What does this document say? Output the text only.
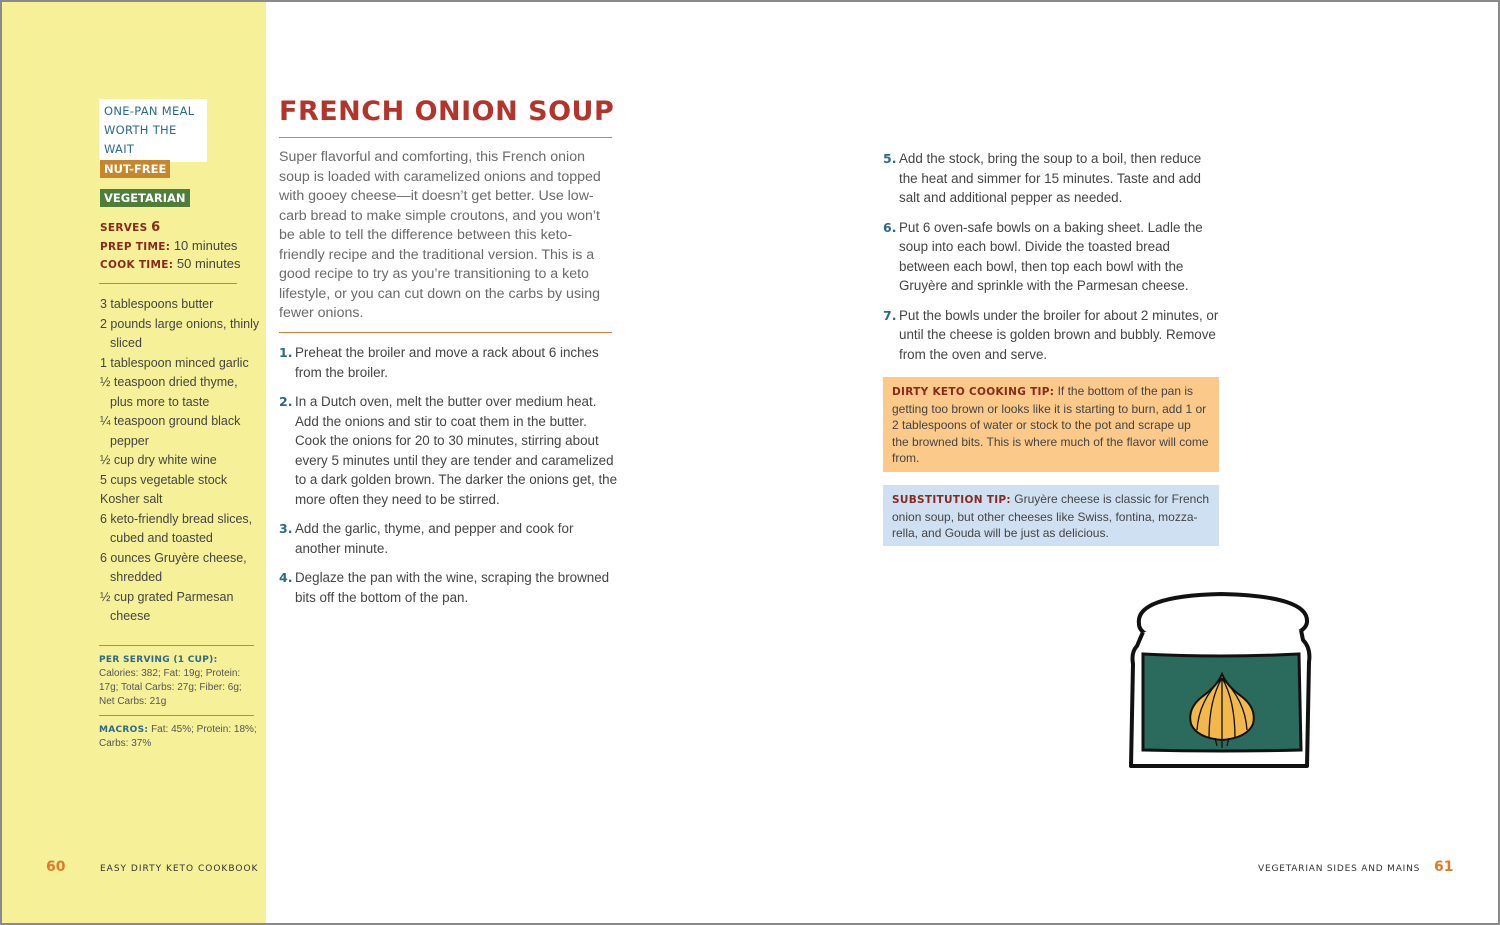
ONE-PAN MEAL
WORTH THE WAIT
NUT-FREE
VEGETARIAN
SERVES 6
PREP TIME: 10 minutes
COOK TIME: 50 minutes
3 tablespoons butter
2 pounds large onions, thinly sliced
1 tablespoon minced garlic
½ teaspoon dried thyme, plus more to taste
¼ teaspoon ground black pepper
½ cup dry white wine
5 cups vegetable stock
Kosher salt
6 keto-friendly bread slices, cubed and toasted
6 ounces Gruyère cheese, shredded
½ cup grated Parmesan cheese
PER SERVING (1 CUP): Calories: 382; Fat: 19g; Protein: 17g; Total Carbs: 27g; Fiber: 6g; Net Carbs: 21g
MACROS: Fat: 45%; Protein: 18%; Carbs: 37%
60	EASY DIRTY KETO COOKBOOK
FRENCH ONION SOUP

Super flavorful and comforting, this French onion soup is loaded with caramelized onions and topped with gooey cheese—it doesn’t get better. Use low-carb bread to make simple croutons, and you won’t be able to tell the difference between this keto-friendly recipe and the traditional version. This is a good recipe to try as you’re transitioning to a keto lifestyle, or you can cut down on the carbs by using fewer onions.

1. Preheat the broiler and move a rack about 6 inches from the broiler.
2. In a Dutch oven, melt the butter over medium heat. Add the onions and stir to coat them in the butter. Cook the onions for 20 to 30 minutes, stirring about every 5 minutes until they are tender and caramelized to a dark golden brown. The darker the onions get, the more often they need to be stirred.
3. Add the garlic, thyme, and pepper and cook for another minute.
4. Deglaze the pan with the wine, scraping the browned bits off the bottom of the pan.
5. Add the stock, bring the soup to a boil, then reduce the heat and simmer for 15 minutes. Taste and add salt and additional pepper as needed.
6. Put 6 oven-safe bowls on a baking sheet. Ladle the soup into each bowl. Divide the toasted bread between each bowl, then top each bowl with the Gruyère and sprinkle with the Parmesan cheese.
7. Put the bowls under the broiler for about 2 minutes, or until the cheese is golden brown and bubbly. Remove from the oven and serve.
DIRTY KETO COOKING TIP: If the bottom of the pan is getting too brown or looks like it is starting to burn, add 1 or 2 tablespoons of water or stock to the pot and scrape up the browned bits. This is where much of the flavor will come from.
SUBSTITUTION TIP: Gruyère cheese is classic for French onion soup, but other cheeses like Swiss, fontina, mozzarella, and Gouda will be just as delicious.
VEGETARIAN SIDES AND MAINS 61
